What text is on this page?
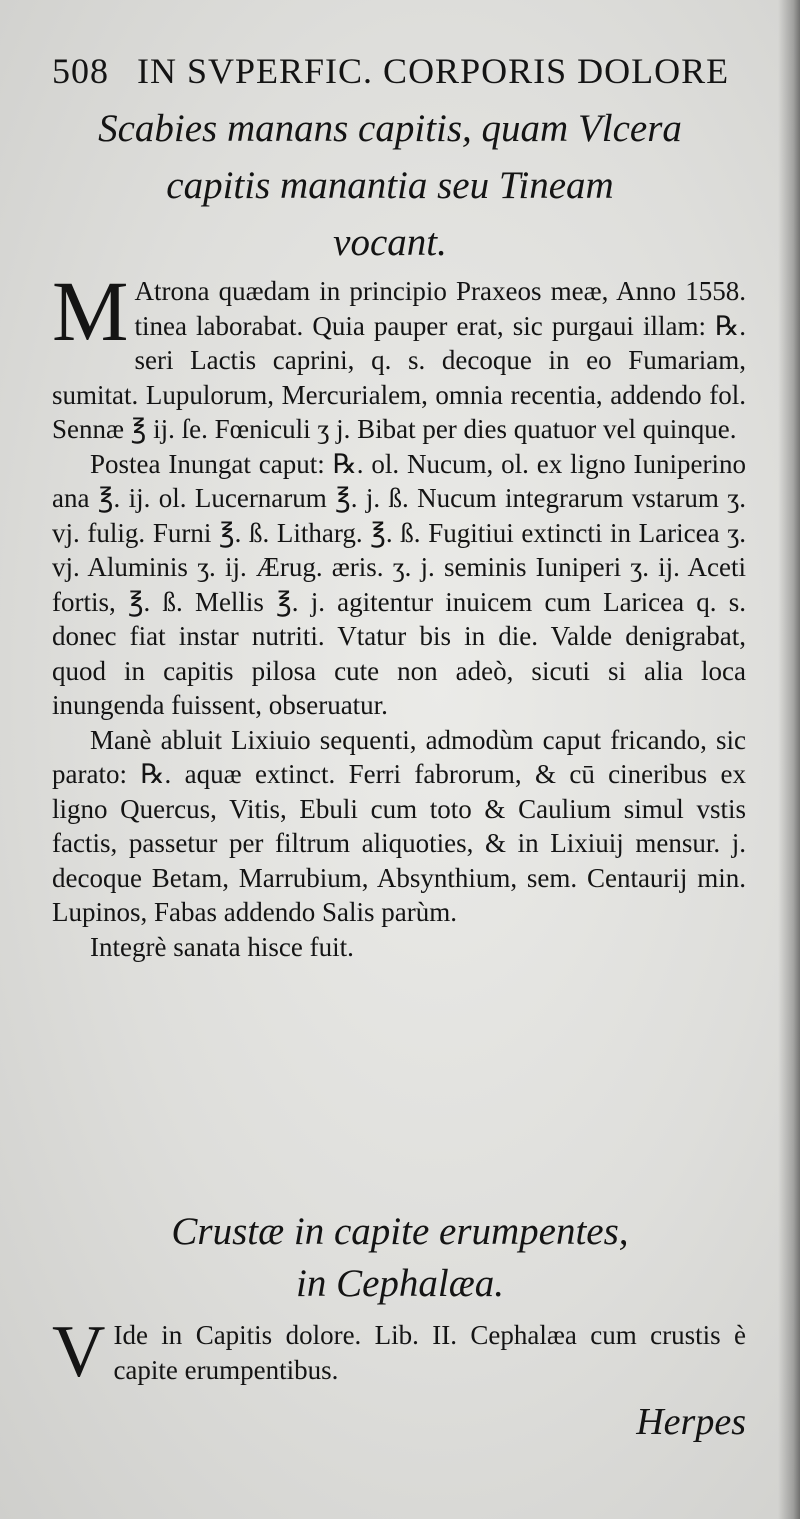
508 IN SVPERFIC. CORPORIS DOLORE
Scabies manans capitis, quam Vlcera
capitis manantia seu Tineam
vocant.

M Atrona quædam in principio Praxeos meæ, Anno 1558. tinea laborabat. Quia pauper erat, sic purgaui illam: ℞. seri Lactis caprini, q. s. decoque in eo Fumariam, sumitat. Lupulorum, Mercurialem, omnia recentia, addendo fol. Sennæ ℥ ij. ſe. Fœniculi ʒ j. Bibat per dies quatuor vel quinque.

Postea Inungat caput: ℞. ol. Nucum, ol. ex ligno Iuniperino ana ℥. ij. ol. Lucernarum ℥. j. ß. Nucum integrarum vstarum ʒ. vj. fulig. Furni ℥. ß. Litharg. ℥. ß. Fugitiui extincti in Laricea ʒ. vj. Aluminis ʒ. ij. Ærug. æris. ʒ. j. seminis Iuniperi ʒ. ij. Aceti fortis, ℥. ß. Mellis ℥. j. agitentur inuicem cum Laricea q. s. donec fiat instar nutriti. Vtatur bis in die. Valde denigrabat, quod in capitis pilosa cute non adeò, sicuti si alia loca inungenda fuissent, obseruatur.

Manè abluit Lixiuio sequenti, admodùm caput fricando, sic parato: ℞. aquæ extinct. Ferri fabrorum, & cū cineribus ex ligno Quercus, Vitis, Ebuli cum toto & Caulium simul vstis factis, passetur per filtrum aliquoties, & in Lixiuij mensur. j. decoque Betam, Marrubium, Absynthium, sem. Centaurij min. Lupinos, Fabas addendo Salis parùm.

Integrè sanata hisce fuit.

Crustæ in capite erumpentes,
in Cephalæa.

V Ide in Capitis dolore. Lib. II. Cephalæa cum crustis è capite erumpentibus.

Herpes
